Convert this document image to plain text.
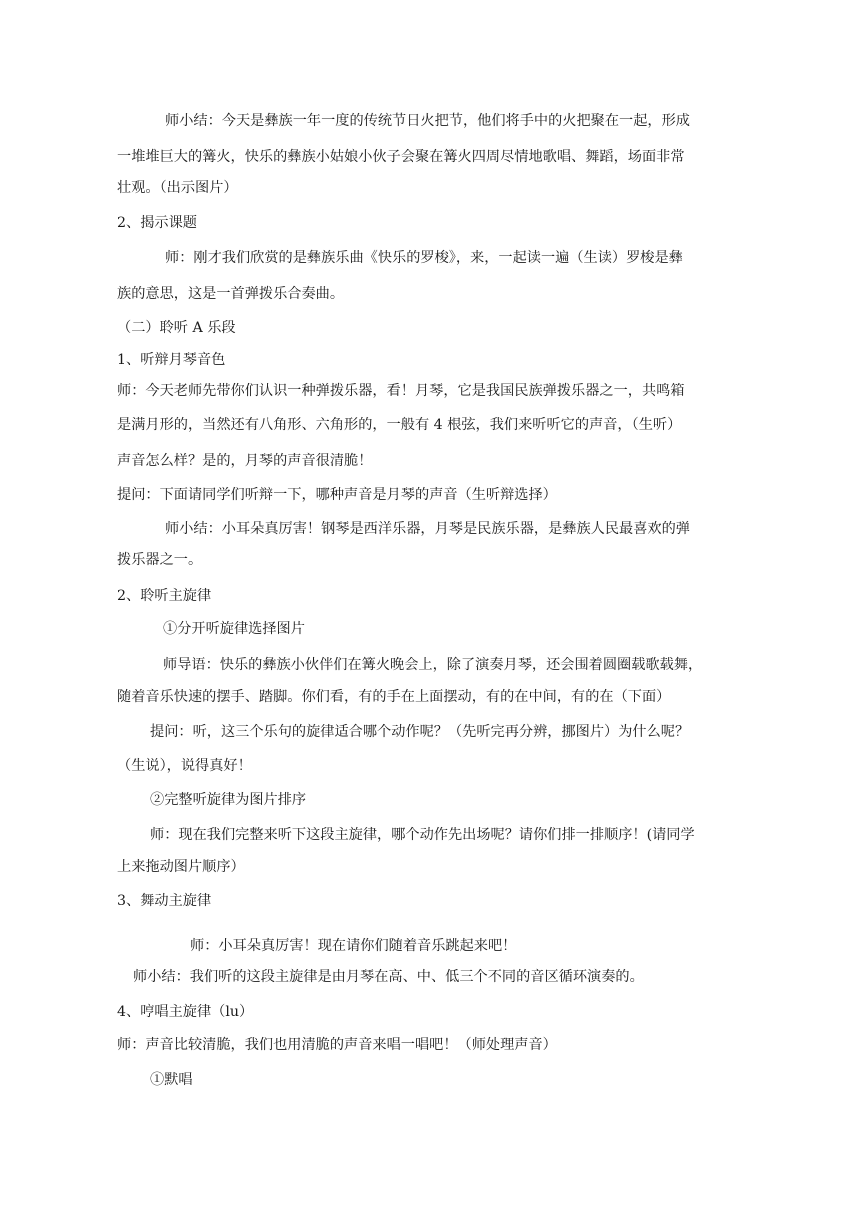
师小结：今天是彝族一年一度的传统节日火把节，他们将手中的火把聚在一起，形成
一堆堆巨大的篝火，快乐的彝族小姑娘小伙子会聚在篝火四周尽情地歌唱、舞蹈，场面非常
壮观。（出示图片）
2、揭示课题
师：刚才我们欣赏的是彝族乐曲《快乐的罗梭》，来，一起读一遍（生读）罗梭是彝
族的意思，这是一首弹拨乐合奏曲。
（二）聆听 A 乐段
1、听辩月琴音色
师：今天老师先带你们认识一种弹拨乐器，看！月琴，它是我国民族弹拨乐器之一，共鸣箱
是满月形的，当然还有八角形、六角形的，一般有 4 根弦，我们来听听它的声音，（生听）
声音怎么样？是的，月琴的声音很清脆！
提问：下面请同学们听辩一下，哪种声音是月琴的声音（生听辩选择）
师小结：小耳朵真厉害！钢琴是西洋乐器，月琴是民族乐器，是彝族人民最喜欢的弹
拨乐器之一。
2、聆听主旋律
①分开听旋律选择图片
师导语：快乐的彝族小伙伴们在篝火晚会上，除了演奏月琴，还会围着圆圈载歌载舞，
随着音乐快速的摆手、踏脚。你们看，有的手在上面摆动，有的在中间，有的在（下面）
提问：听，这三个乐句的旋律适合哪个动作呢？（先听完再分辨，挪图片）为什么呢？
（生说），说得真好！
②完整听旋律为图片排序
师：现在我们完整来听下这段主旋律，哪个动作先出场呢？请你们排一排顺序！(请同学
上来拖动图片顺序）
3、舞动主旋律
师：小耳朵真厉害！现在请你们随着音乐跳起来吧！
师小结：我们听的这段主旋律是由月琴在高、中、低三个不同的音区循环演奏的。
4、哼唱主旋律（lu）
师：声音比较清脆，我们也用清脆的声音来唱一唱吧！（师处理声音）
①默唱
